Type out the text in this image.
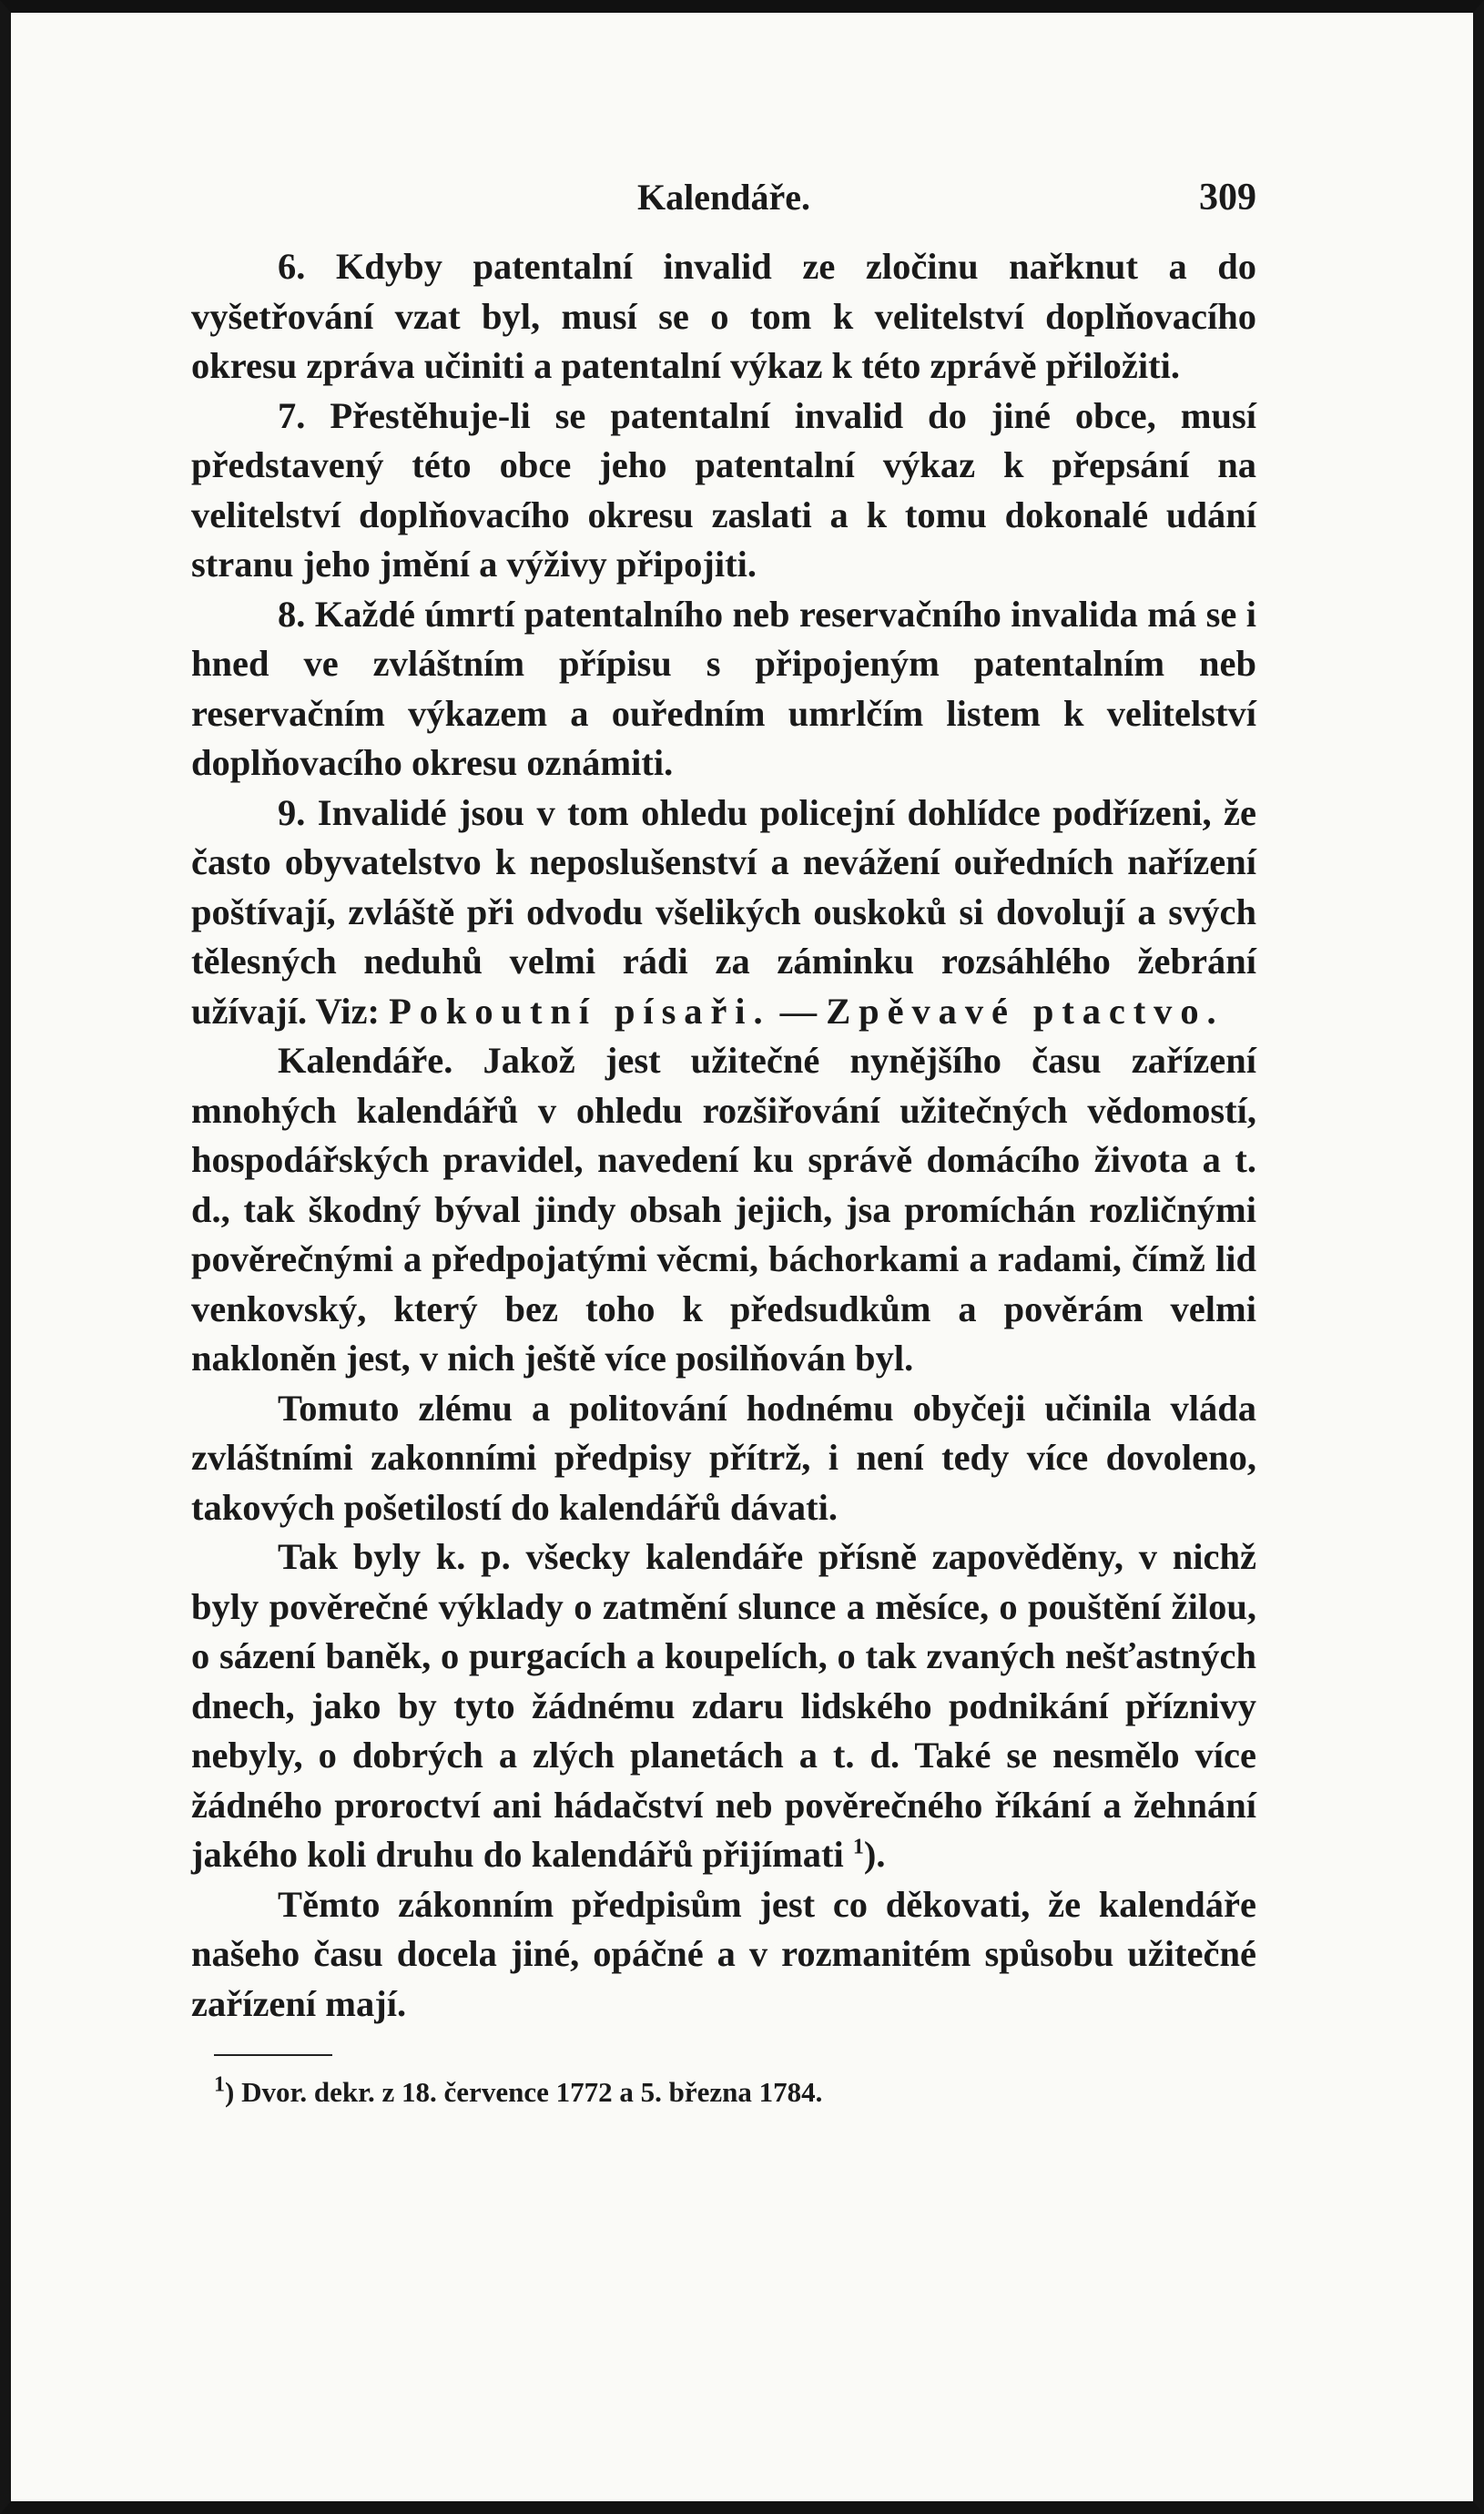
Kalendáře.	309

6. Kdyby patentalní invalid ze zločinu nařknut a do vyšetřování vzat byl, musí se o tom k velitelství doplňovacího okresu zpráva učiniti a patentalní výkaz k této zprávě přiložiti.

7. Přestěhuje-li se patentalní invalid do jiné obce, musí představený této obce jeho patentalní výkaz k přepsání na velitelství doplňovacího okresu zaslati a k tomu dokonalé udání stranu jeho jmění a výživy připojiti.

8. Každé úmrtí patentalního neb reservačního invalida má se i hned ve zvláštním přípisu s připojeným patentalním neb reservačním výkazem a ouředním umrlčím listem k velitelství doplňovacího okresu oznámiti.

9. Invalidé jsou v tom ohledu policejní dohlídce podřízeni, že často obyvatelstvo k neposlušenství a nevážení ouředních nařízení poštívají, zvláště při odvodu všelikých ouskoků si dovolují a svých tělesných neduhů velmi rádi za záminku rozsáhlého žebrání užívají. Viz: Pokoutní písaři. — Zpěvavé ptactvo.

Kalendáře. Jakož jest užitečné nynějšího času zařízení mnohých kalendářů v ohledu rozšiřování užitečných vědomostí, hospodářských pravidel, navedení ku správě domácího života a t. d., tak škodný býval jindy obsah jejich, jsa promíchán rozličnými pověrečnými a předpojatými věcmi, báchorkami a radami, čímž lid venkovský, který bez toho k předsudkům a pověrám velmi nakloněn jest, v nich ještě více posilňován byl.

Tomuto zlému a politování hodnému obyčeji učinila vláda zvláštními zakonními předpisy přítrž, i není tedy více dovoleno, takových pošetilostí do kalendářů dávati.

Tak byly k. p. všecky kalendáře přísně zapověděny, v nichž byly pověrečné výklady o zatmění slunce a měsíce, o pouštění žilou, o sázení baněk, o purgacích a koupelích, o tak zvaných nešťastných dnech, jako by tyto žádnému zdaru lidského podnikání příznivy nebyly, o dobrých a zlých planetách a t. d. Také se nesmělo více žádného proroctví ani hádačství neb pověrečného říkání a žehnání jakého koli druhu do kalendářů přijímati $^1$).

Těmto zákonním předpisům jest co děkovati, že kalendáře našeho času docela jiné, opáčné a v rozmanitém spůsobu užitečné zařízení mají.

$^1$) Dvor. dekr. z 18. července 1772 a 5. března 1784.
